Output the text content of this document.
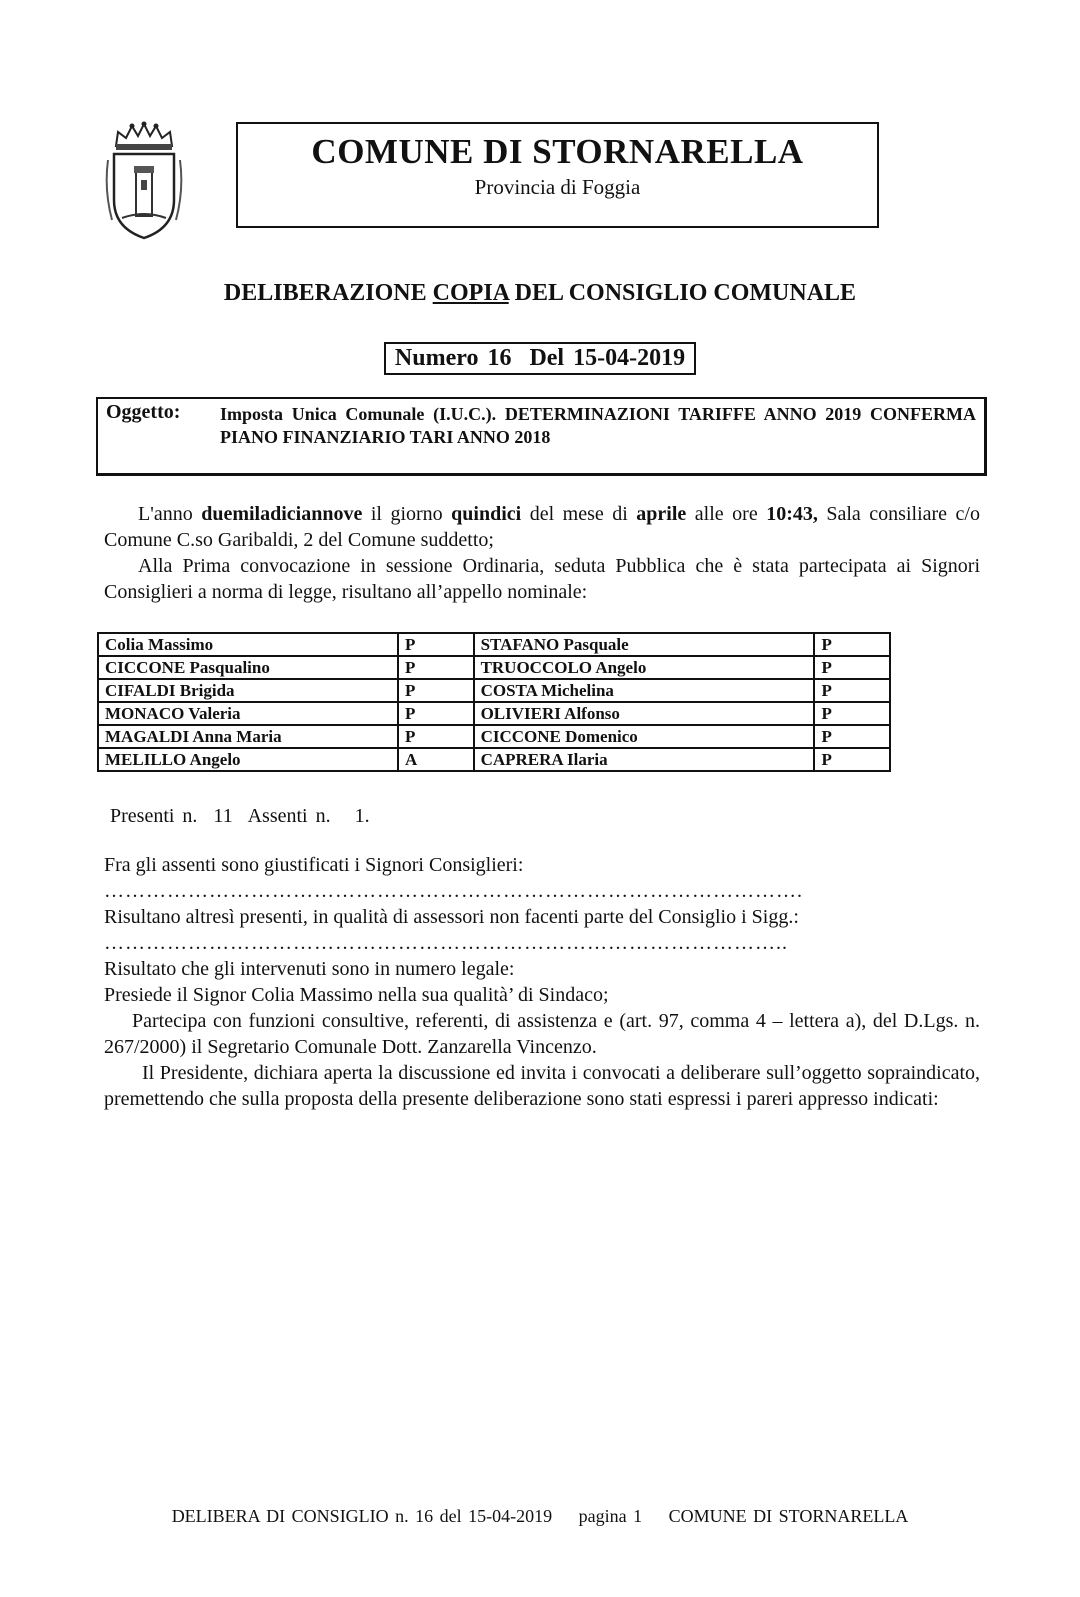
COMUNE DI STORNARELLA
Provincia di Foggia
DELIBERAZIONE COPIA DEL CONSIGLIO COMUNALE
Numero 16  Del 15-04-2019
Oggetto: Imposta Unica Comunale (I.U.C.). DETERMINAZIONI TARIFFE ANNO 2019 CONFERMA PIANO FINANZIARIO TARI ANNO 2018
L'anno duemiladiciannove il giorno quindici del mese di aprile alle ore 10:43, Sala consiliare c/o Comune C.so Garibaldi, 2 del Comune suddetto;
Alla Prima convocazione in sessione Ordinaria, seduta Pubblica che è stata partecipata ai Signori Consiglieri a norma di legge, risultano all’appello nominale:
Colia Massimo	P	STAFANO Pasquale	P
CICCONE Pasqualino	P	TRUOCCOLO Angelo	P
CIFALDI Brigida	P	COSTA Michelina	P
MONACO Valeria	P	OLIVIERI Alfonso	P
MAGALDI Anna Maria	P	CICCONE Domenico	P
MELILLO Angelo	A	CAPRERA Ilaria	P
Presenti n.  11  Assenti n.   1.
Fra gli assenti sono giustificati i Signori Consiglieri:
……………………………………………………………………………………….
Risultano altresì presenti, in qualità di assessori non facenti parte del Consiglio i Sigg.:
……………………………………………………………………………………..
Risultato che gli intervenuti sono in numero legale:
Presiede il Signor Colia Massimo nella sua qualità’ di Sindaco;
Partecipa con funzioni consultive, referenti, di assistenza e (art. 97, comma 4 – lettera a), del D.Lgs. n. 267/2000) il Segretario Comunale Dott. Zanzarella Vincenzo.
Il Presidente, dichiara aperta la discussione ed invita i convocati a deliberare sull’oggetto sopraindicato, premettendo che sulla proposta della presente deliberazione sono stati espressi i pareri appresso indicati:
DELIBERA DI CONSIGLIO n. 16 del 15-04-2019 pagina 1 COMUNE DI STORNARELLA
